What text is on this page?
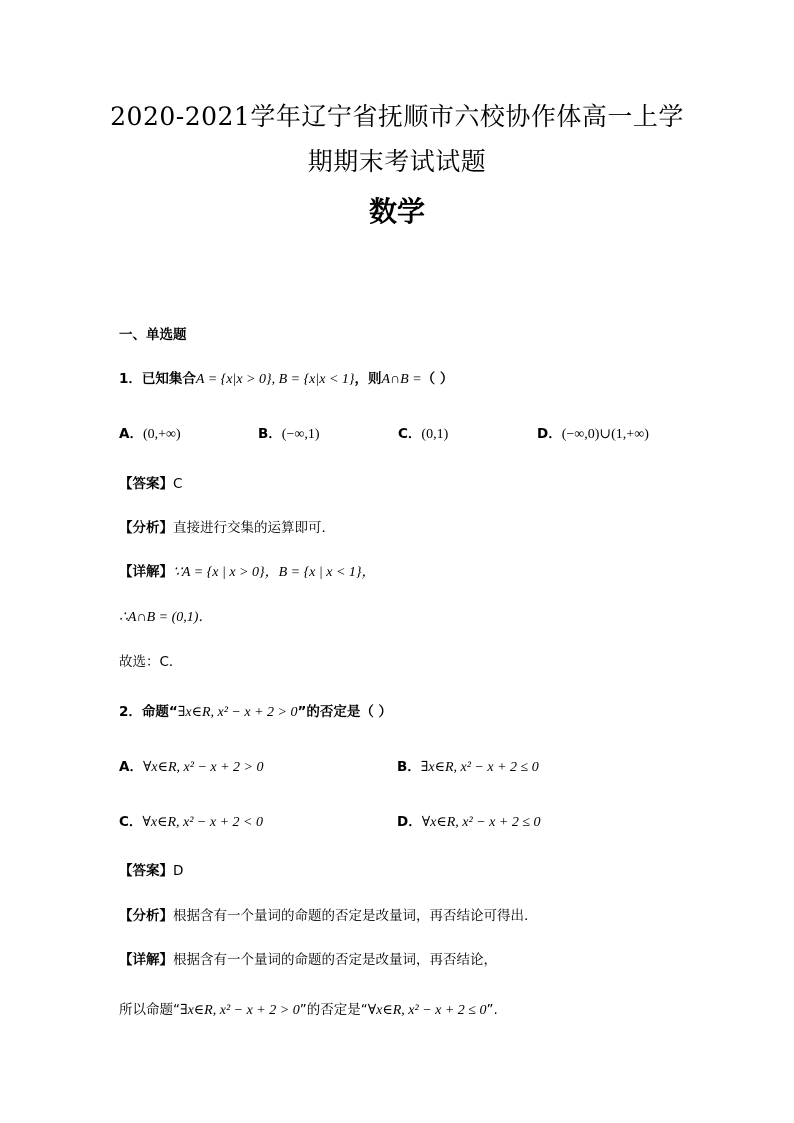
2020-2021学年辽宁省抚顺市六校协作体高一上学
期期末考试试题
数学
一、单选题
1．已知集合A = {x|x > 0}, B = {x|x < 1}，则A∩B =（ ）
A．(0,+∞)	B．(−∞,1)	C．(0,1)	D．(−∞,0)∪(1,+∞)
【答案】C
【分析】直接进行交集的运算即可．
【详解】∵A = {x | x > 0}，B = {x | x < 1}，
∴A∩B = (0,1)．
故选：C．
2．命题“∃x∈R, x² − x + 2 > 0”的否定是（ ）
A．∀x∈R, x² − x + 2 > 0	B．∃x∈R, x² − x + 2 ≤ 0
C．∀x∈R, x² − x + 2 < 0	D．∀x∈R, x² − x + 2 ≤ 0
【答案】D
【分析】根据含有一个量词的命题的否定是改量词，再否结论可得出.
【详解】根据含有一个量词的命题的否定是改量词，再否结论，
所以命题“∃x∈R, x² − x + 2 > 0”的否定是“∀x∈R, x² − x + 2 ≤ 0”.
